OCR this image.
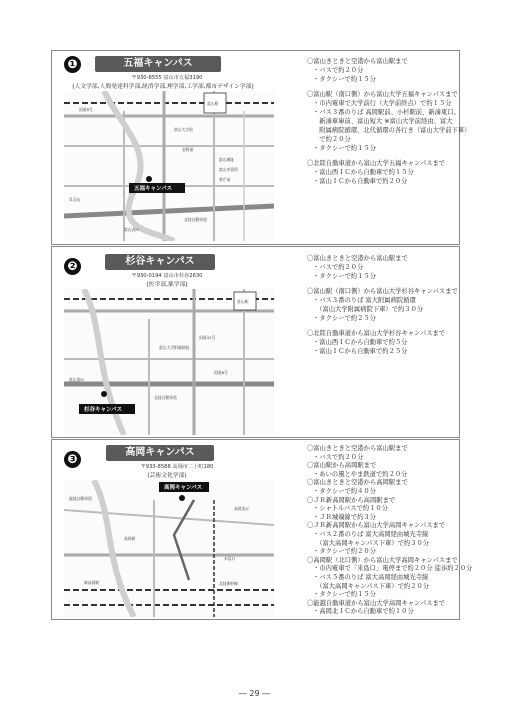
❶	五福キャンパス
〒930-8555 富山市五福3190
(人文学部,人間発達科学部,経済学部,理学部,工学部,都市デザイン学部)
富山駅
五福キャンパス
国道8号
富山大学前
安野屋
富山城址
富山市役所
県庁前
北陸自動車道
呉羽山
富山西IC
〇富山きときと空港から富山駅まで
・バスで約２０分
・タクシーで約１５分
〇富山駅（南口側）から富山大学五福キャンパスまで
・市内電車で大学前行（大学前終点）で約１５分
・バス３番のりば 高岡駅前、小杉駅前、新湊東口、
　新湊車庫前、富山短大 ※富山大学前経由、富大
　附属病院循環、北代循環の各行き（富山大学前下車）
　で約２０分
・タクシーで約１５分
〇北陸自動車道から富山大学五福キャンパスまで
・富山西ＩＣから自動車で約１５分
・富山ＩＣから自動車で約２０分
❷	杉谷キャンパス
〒930-0194 富山市杉谷2630
(医学部,薬学部)
富山駅
杉谷キャンパス
富山大学附属病院
富山西IC
北陸自動車道
国道41号
国道8号
〇富山きときと空港から富山駅まで
・バスで約２０分
・タクシーで約１５分
〇富山駅（南口側）から富山大学杉谷キャンパスまで
・バス３番のりば 富大附属病院循環
　（富山大学附属病院下車）で約３０分
・タクシーで約２５分
〇北陸自動車道から富山大学杉谷キャンパスまで
・富山西ＩＣから自動車で約５分
・富山ＩＣから自動車で約２５分
❸	高岡キャンパス
〒933-8588 高岡市二上町180
(芸術文化学部)
高岡キャンパス
高岡駅
米島口
新高岡駅	北陸新幹線
能越自動車道
高岡北IC
〇富山きときと空港から富山駅まで
・バスで約２０分
〇富山駅から高岡駅まで
・あいの風とやま鉄道で約２０分
〇富山きときと空港から高岡駅まで
・タクシーで約４０分
〇ＪＲ新高岡駅から高岡駅まで
・シャトルバスで約１０分
・ＪＲ城端線で約３分
〇ＪＲ新高岡駅から富山大学高岡キャンパスまで
・バス２番のりば 富大高岡経由城光寺線
　（富大高岡キャンパス下車）で約３０分
・タクシーで約２０分
〇高岡駅（北口側）から富山大学高岡キャンパスまで
・市内電車で「米島口」電停まで約２０分 徒歩約２０分
・バス５番のりば 富大高岡経由城光寺線
　（富大高岡キャンパス下車）で約２０分
・タクシーで約１５分
〇能越自動車道から富山大学高岡キャンパスまで
・高岡北ＩＣから自動車で約１０分
― 29 ―
